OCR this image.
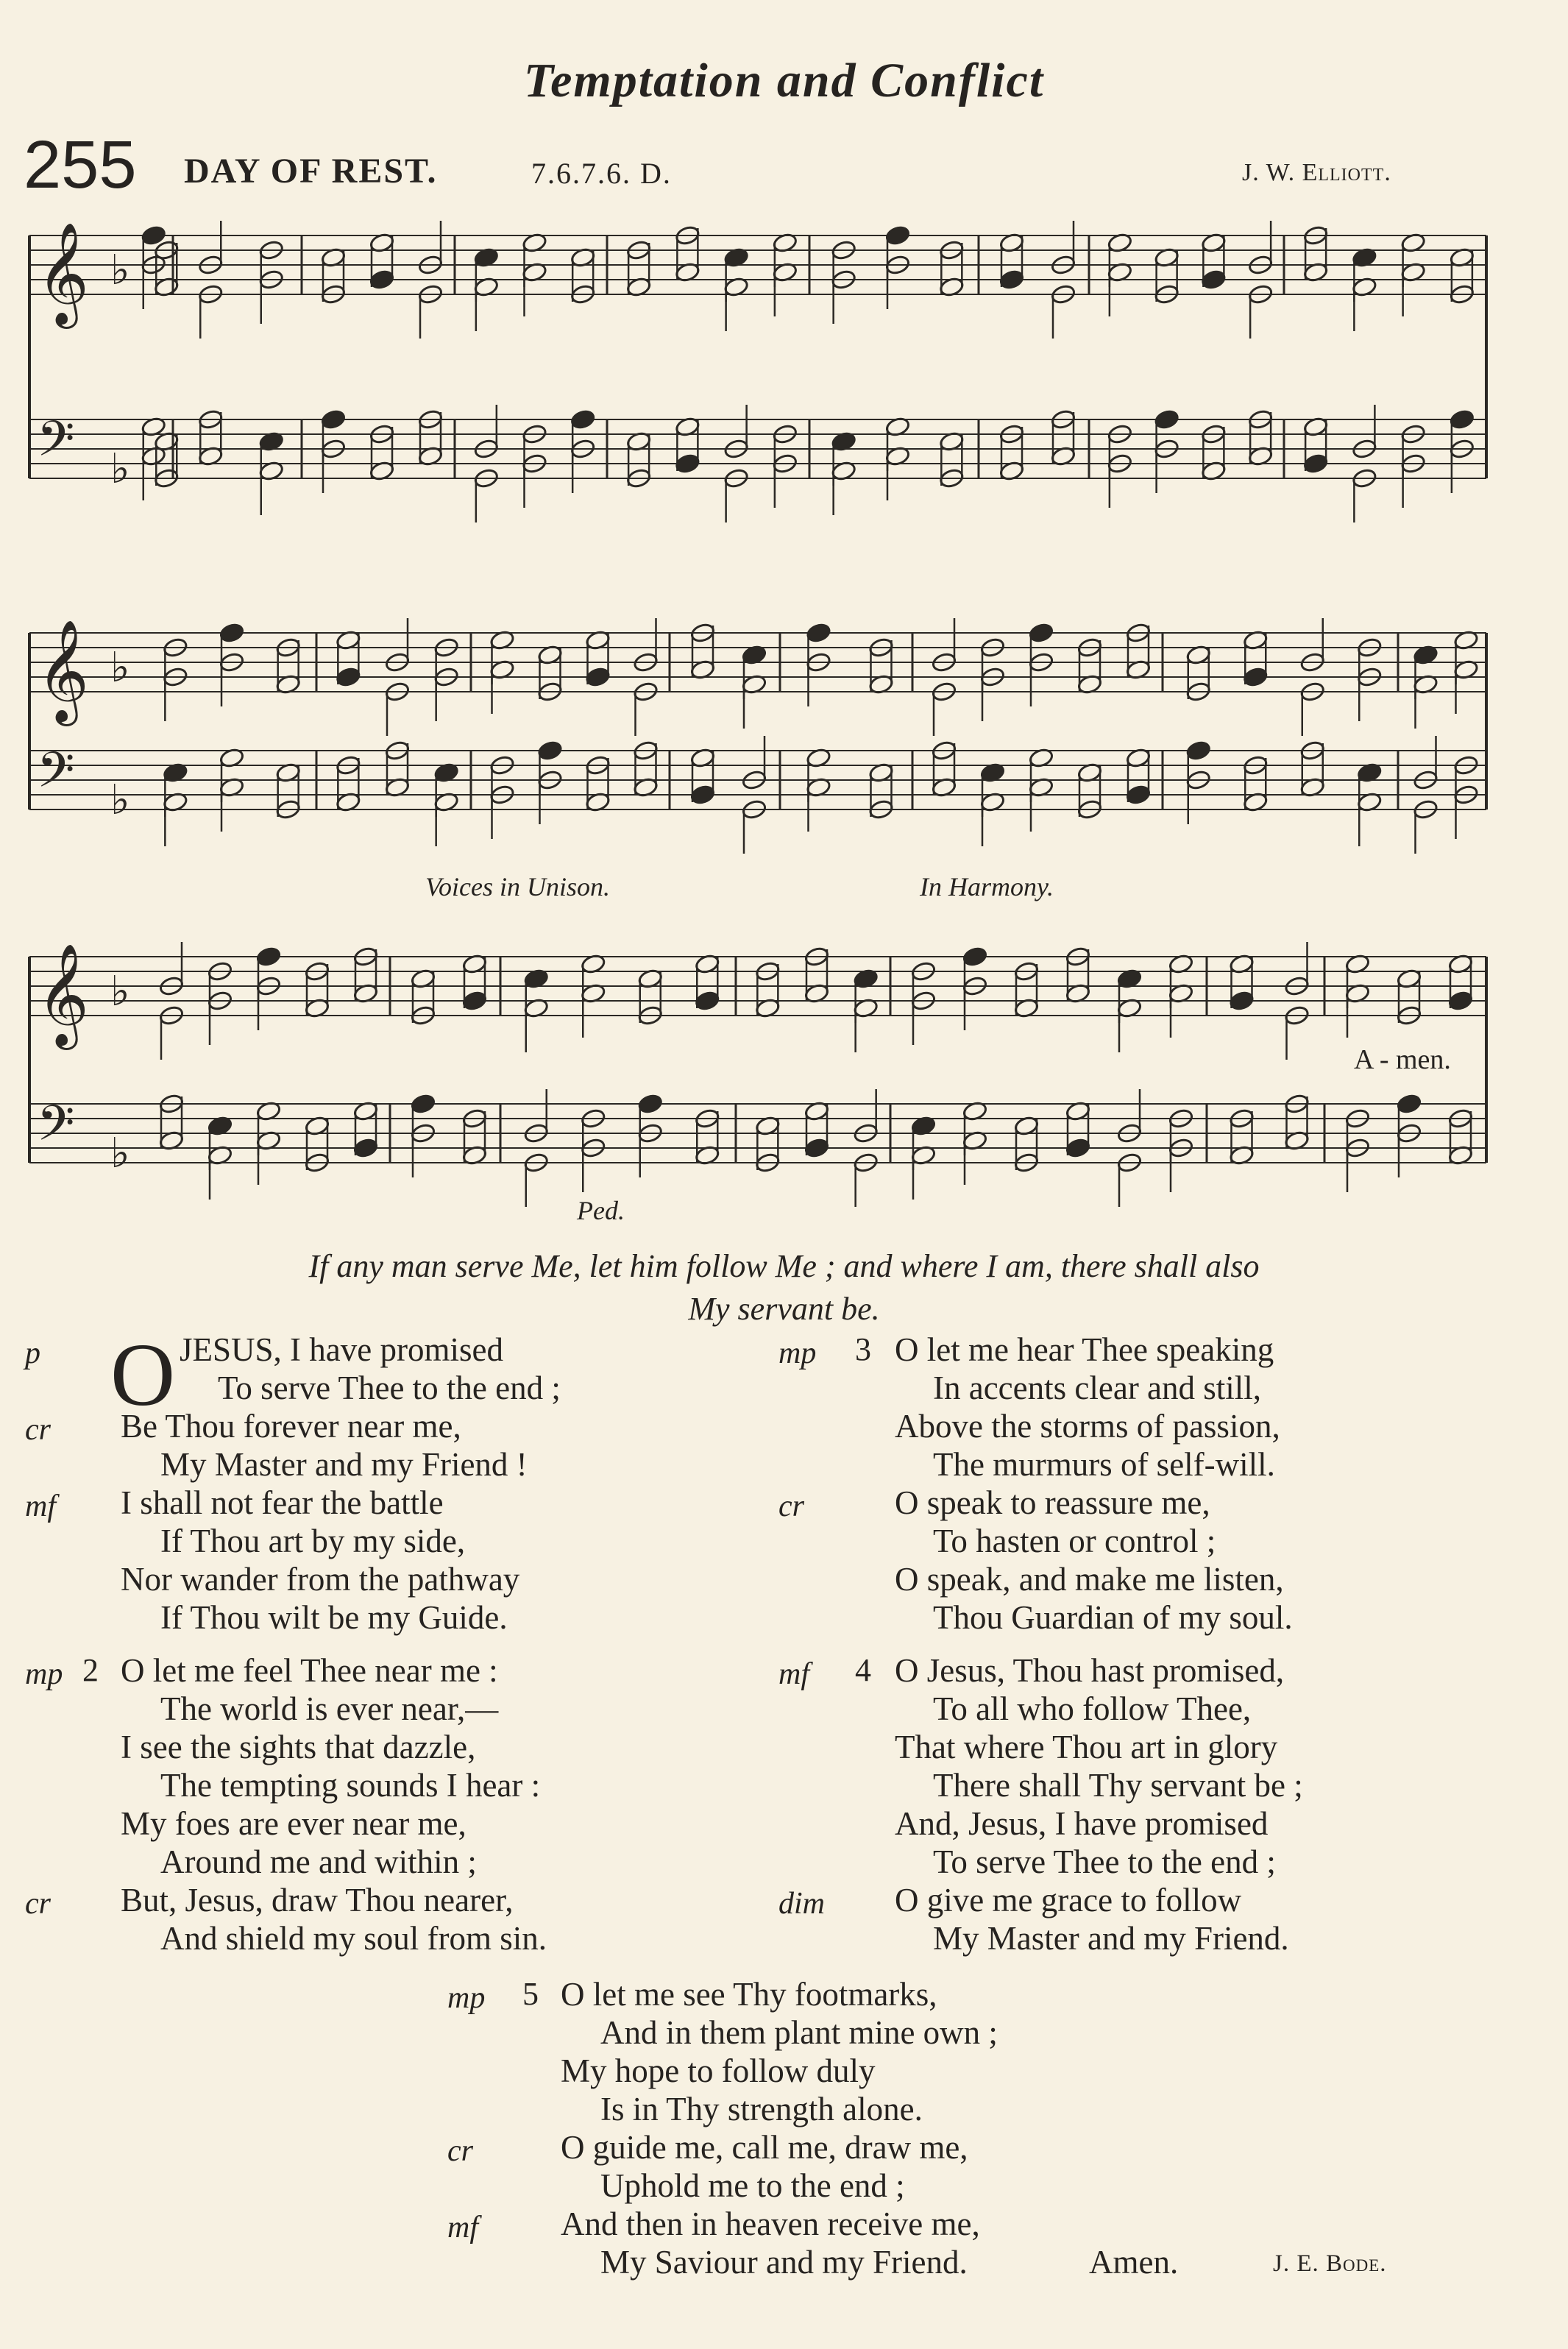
Temptation and Conflict
255 DAY OF REST.	7.6.7.6. D.	J. W. Elliott.
𝄞 ♭
𝄢 ♭
𝄞 ♭
𝄢 ♭
𝄞 ♭
𝄢 ♭
Voices in Unison.	In Harmony.
A - men.
Ped.
If any man serve Me, let him follow Me ; and where I am, there shall also
My servant be.
O
p	JESUS, I have promised
To serve Thee to the end ;
cr Be Thou forever near me,
My Master and my Friend !
mf I shall not fear the battle
If Thou art by my side,
Nor wander from the pathway
If Thou wilt be my Guide.
mp 2 O let me feel Thee near me :
The world is ever near,—
I see the sights that dazzle,
The tempting sounds I hear :
My foes are ever near me,
Around me and within ;
cr But, Jesus, draw Thou nearer,
And shield my soul from sin.
mp 3 O let me hear Thee speaking
In accents clear and still,
Above the storms of passion,
The murmurs of self-will.
cr	O speak to reassure me,
To hasten or control ;
O speak, and make me listen,
Thou Guardian of my soul.
mf 4 O Jesus, Thou hast promised,
To all who follow Thee,
That where Thou art in glory
There shall Thy servant be ;
And, Jesus, I have promised
To serve Thee to the end ;
dim O give me grace to follow
My Master and my Friend.
mp 5 O let me see Thy footmarks,
And in them plant mine own ;
My hope to follow duly
Is in Thy strength alone.
cr	O guide me, call me, draw me,
Uphold me to the end ;
mf And then in heaven receive me,
My Saviour and my Friend.	Amen.	J. E. Bode.
